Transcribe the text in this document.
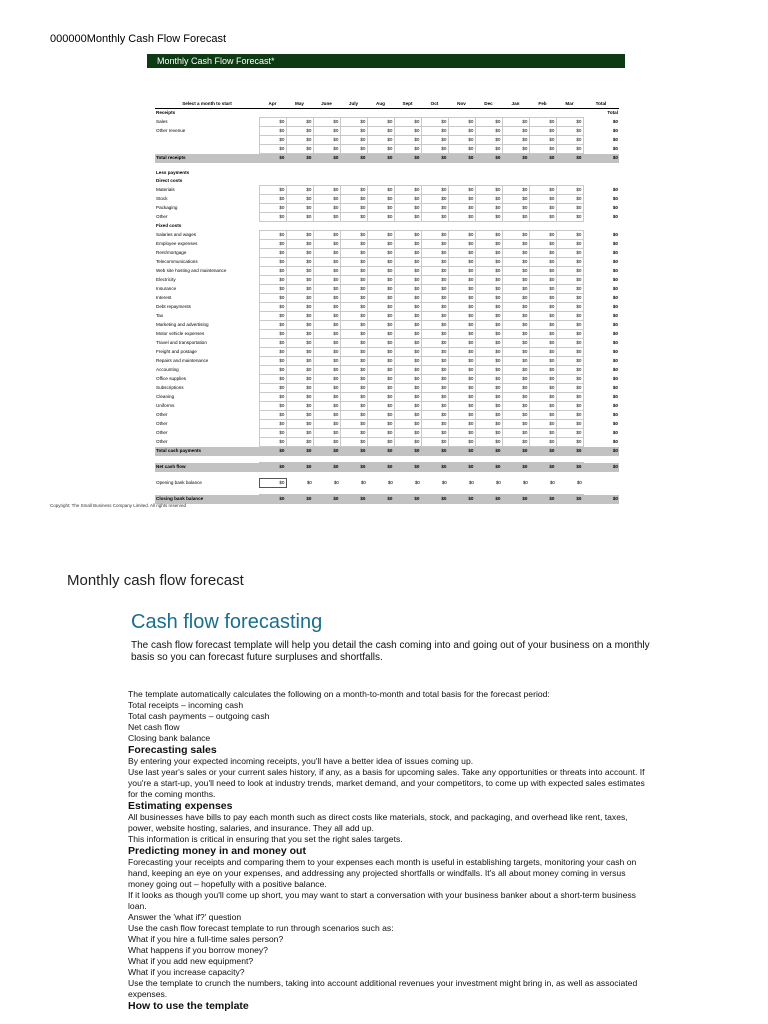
000000Monthly Cash Flow Forecast
Monthly Cash Flow Forecast*
Select a month to start	Apr	May	June	July	Aug	Sept	Oct	Nov	Dec	Jan	Feb	Mar	Total
Receipts													Total
Sales	$0	$0	$0	$0	$0	$0	$0	$0	$0	$0	$0	$0	$0
Other revenue	$0	$0	$0	$0	$0	$0	$0	$0	$0	$0	$0	$0	$0
	$0	$0	$0	$0	$0	$0	$0	$0	$0	$0	$0	$0	$0
	$0	$0	$0	$0	$0	$0	$0	$0	$0	$0	$0	$0	$0
Total receipts	$0	$0	$0	$0	$0	$0	$0	$0	$0	$0	$0	$0	$0

Less payments													
Direct costs													
Materials	$0	$0	$0	$0	$0	$0	$0	$0	$0	$0	$0	$0	$0
Stock	$0	$0	$0	$0	$0	$0	$0	$0	$0	$0	$0	$0	$0
Packaging	$0	$0	$0	$0	$0	$0	$0	$0	$0	$0	$0	$0	$0
Other	$0	$0	$0	$0	$0	$0	$0	$0	$0	$0	$0	$0	$0
Fixed costs													
Salaries and wages	$0	$0	$0	$0	$0	$0	$0	$0	$0	$0	$0	$0	$0
Employee expenses	$0	$0	$0	$0	$0	$0	$0	$0	$0	$0	$0	$0	$0
Rent/mortgage	$0	$0	$0	$0	$0	$0	$0	$0	$0	$0	$0	$0	$0
Telecommunications	$0	$0	$0	$0	$0	$0	$0	$0	$0	$0	$0	$0	$0
Web site hosting and maintenance	$0	$0	$0	$0	$0	$0	$0	$0	$0	$0	$0	$0	$0
Electricity	$0	$0	$0	$0	$0	$0	$0	$0	$0	$0	$0	$0	$0
Insurance	$0	$0	$0	$0	$0	$0	$0	$0	$0	$0	$0	$0	$0
Interest	$0	$0	$0	$0	$0	$0	$0	$0	$0	$0	$0	$0	$0
Debt repayments	$0	$0	$0	$0	$0	$0	$0	$0	$0	$0	$0	$0	$0
Tax	$0	$0	$0	$0	$0	$0	$0	$0	$0	$0	$0	$0	$0
Marketing and advertising	$0	$0	$0	$0	$0	$0	$0	$0	$0	$0	$0	$0	$0
Motor vehicle expenses	$0	$0	$0	$0	$0	$0	$0	$0	$0	$0	$0	$0	$0
Travel and transportation	$0	$0	$0	$0	$0	$0	$0	$0	$0	$0	$0	$0	$0
Freight and postage	$0	$0	$0	$0	$0	$0	$0	$0	$0	$0	$0	$0	$0
Repairs and maintenance	$0	$0	$0	$0	$0	$0	$0	$0	$0	$0	$0	$0	$0
Accounting	$0	$0	$0	$0	$0	$0	$0	$0	$0	$0	$0	$0	$0
Office supplies	$0	$0	$0	$0	$0	$0	$0	$0	$0	$0	$0	$0	$0
Subscriptions	$0	$0	$0	$0	$0	$0	$0	$0	$0	$0	$0	$0	$0
Cleaning	$0	$0	$0	$0	$0	$0	$0	$0	$0	$0	$0	$0	$0
Uniforms	$0	$0	$0	$0	$0	$0	$0	$0	$0	$0	$0	$0	$0
Other	$0	$0	$0	$0	$0	$0	$0	$0	$0	$0	$0	$0	$0
Other	$0	$0	$0	$0	$0	$0	$0	$0	$0	$0	$0	$0	$0
Other	$0	$0	$0	$0	$0	$0	$0	$0	$0	$0	$0	$0	$0
Other	$0	$0	$0	$0	$0	$0	$0	$0	$0	$0	$0	$0	$0
Total cash payments	$0	$0	$0	$0	$0	$0	$0	$0	$0	$0	$0	$0	$0

Net cash flow	$0	$0	$0	$0	$0	$0	$0	$0	$0	$0	$0	$0	$0

Opening bank balance	$0	$0	$0	$0	$0	$0	$0	$0	$0	$0	$0	$0	

Closing bank balance	$0	$0	$0	$0	$0	$0	$0	$0	$0	$0	$0	$0	$0
Copyright: The Small Business Company Limited. All rights reserved
Monthly cash flow forecast
Cash flow forecasting
The cash flow forecast template will help you detail the cash coming into and going out of your business on a monthly basis so you can forecast future surpluses and shortfalls.

The template automatically calculates the following on a month-to-month and total basis for the forecast period:

Total receipts – incoming cash

Total cash payments – outgoing cash

Net cash flow

Closing bank balance

Forecasting sales

By entering your expected incoming receipts, you'll have a better idea of issues coming up.

Use last year's sales or your current sales history, if any, as a basis for upcoming sales. Take any opportunities or threats into account. If you're a start-up, you'll need to look at industry trends, market demand, and your competitors, to come up with expected sales estimates for the coming months.

Estimating expenses

All businesses have bills to pay each month such as direct costs like materials, stock, and packaging, and overhead like rent, taxes, power, website hosting, salaries, and insurance. They all add up.

This information is critical in ensuring that you set the right sales targets.

Predicting money in and money out

Forecasting your receipts and comparing them to your expenses each month is useful in establishing targets, monitoring your cash on hand, keeping an eye on your expenses, and addressing any projected shortfalls or windfalls. It's all about money coming in versus money going out – hopefully with a positive balance.

If it looks as though you'll come up short, you may want to start a conversation with your business banker about a short-term business loan.

Answer the 'what if?' question

Use the cash flow forecast template to run through scenarios such as:

What if you hire a full-time sales person?

What happens if you borrow money?

What if you add new equipment?

What if you increase capacity?

Use the template to crunch the numbers, taking into account additional revenues your investment might bring in, as well as associated expenses.

How to use the template
